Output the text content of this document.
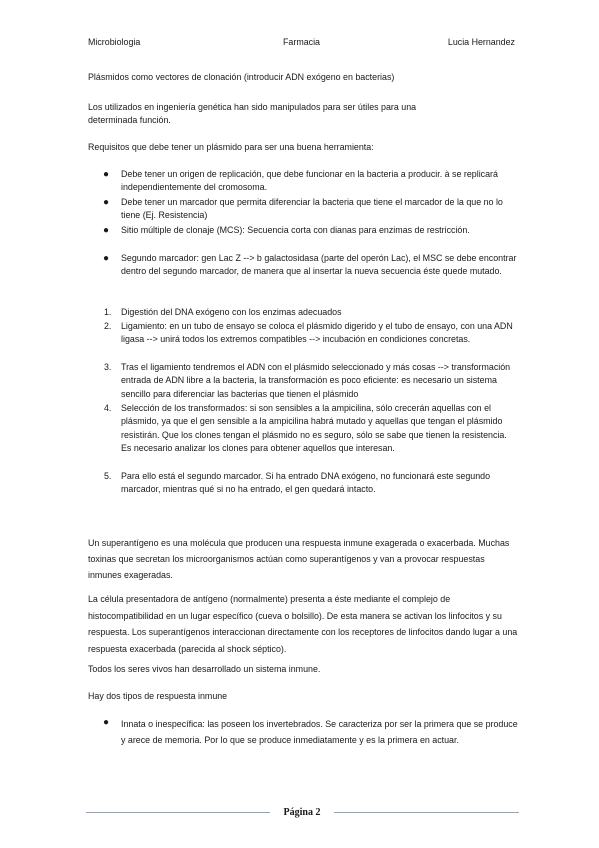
Microbiologia	Farmacia	Lucia Hernandez

Plásmidos como vectores de clonación (introducir ADN exógeno en bacterias)

Los utilizados en ingeniería genética han sido manipulados para ser útiles para una determinada función.

Requisitos que debe tener un plásmido para ser una buena herramienta:

●	Debe tener un origen de replicación, que debe funcionar en la bacteria a producir. à se replicará independientemente del cromosoma.

●	Debe tener un marcador que permita diferenciar la bacteria que tiene el marcador de la que no lo tiene (Ej. Resistencia)

●	Sitio múltiple de clonaje (MCS): Secuencia corta con dianas para enzimas de restricción.

●	Segundo marcador: gen Lac Z --> b galactosidasa (parte del operón Lac), el MSC se debe encontrar dentro del segundo marcador, de manera que al insertar la nueva secuencia éste quede mutado.

1.	Digestión del DNA exógeno con los enzimas adecuados

2.	Ligamiento: en un tubo de ensayo se coloca el plásmido digerido y el tubo de ensayo, con una ADN ligasa --> unirá todos los extremos compatibles --> incubación en condiciones concretas.

3.	Tras el ligamiento tendremos el ADN con el plásmido seleccionado y más cosas --> transformación entrada de ADN libre a la bacteria, la transformación es poco eficiente: es necesario un sistema sencillo para diferenciar las bacterias que tienen el plásmido

4.	Selección de los transformados: si son sensibles a la ampicilina, sólo crecerán aquellas con el plásmido, ya que el gen sensible a la ampicilina habrá mutado y aquellas que tengan el plásmido resistirán. Que los clones tengan el plásmido no es seguro, sólo se sabe que tienen la resistencia. Es necesario analizar los clones para obtener aquellos que interesan.

5.	Para ello está el segundo marcador. Si ha entrado DNA exógeno, no funcionará este segundo marcador, mientras qué si no ha entrado, el gen quedará intacto.

Un superantígeno es una molécula que producen una respuesta inmune exagerada o exacerbada. Muchas toxinas que secretan los microorganismos actúan como superantígenos y van a provocar respuestas inmunes exageradas.

La célula presentadora de antígeno (normalmente) presenta a éste mediante el complejo de histocompatibilidad en un lugar específico (cueva o bolsillo). De esta manera se activan los linfocitos y su respuesta. Los superantígenos interaccionan directamente con los receptores de linfocitos dando lugar a una respuesta exacerbada (parecida al shock séptico).

Todos los seres vivos han desarrollado un sistema inmune.

Hay dos tipos de respuesta inmune

●	Innata o inespecífica: las poseen los invertebrados. Se caracteriza por ser la primera que se produce y arece de memoria. Por lo que se produce inmediatamente y es la primera en actuar.

Página 2
